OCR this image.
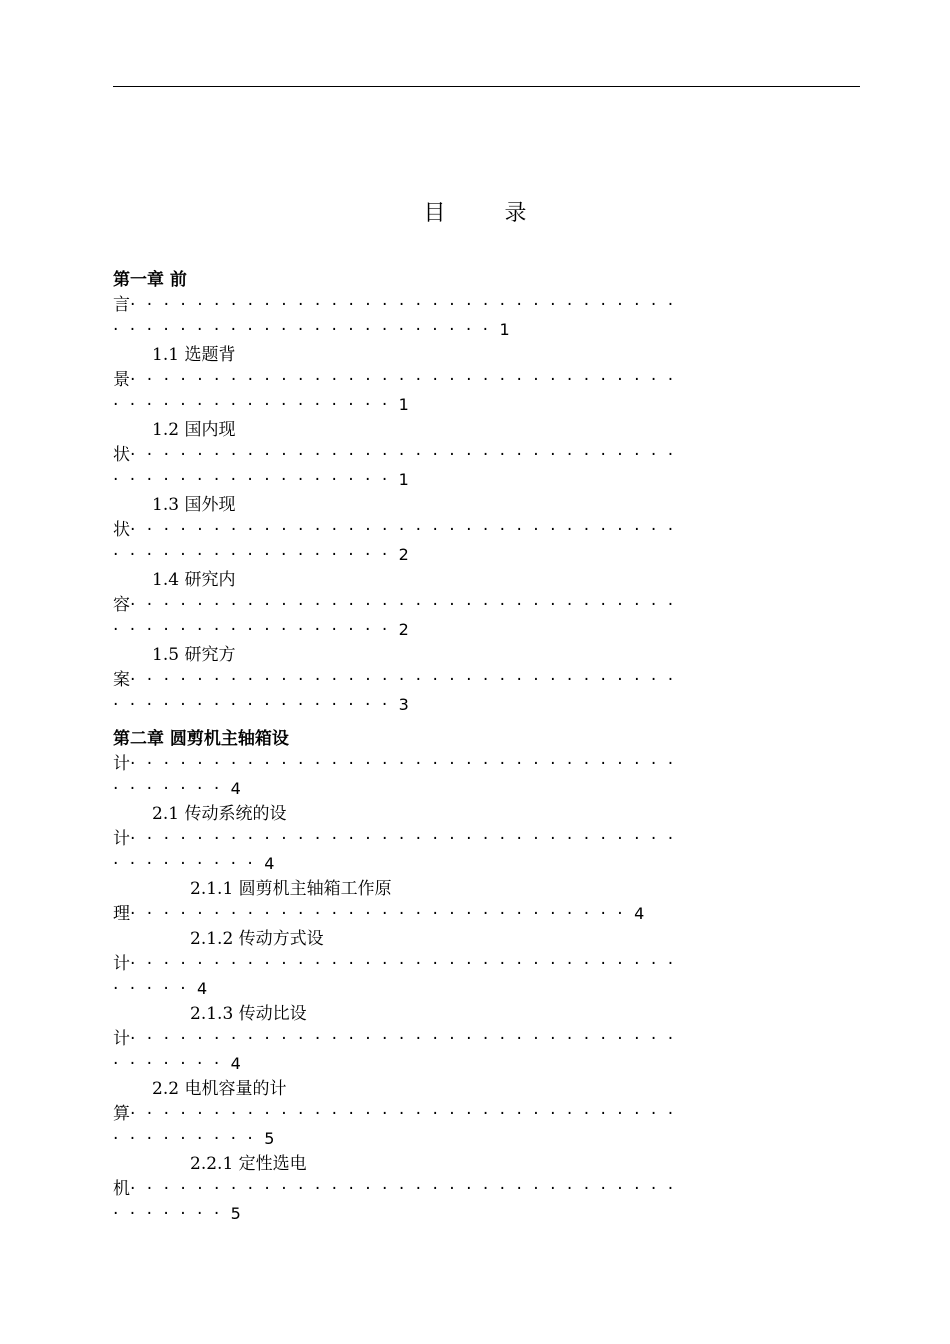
目 录
第一章 前
言·································
·······················1
1.1 选题背
景·································
·················1
1.2 国内现
状·································
·················1
1.3 国外现
状·································
·················2
1.4 研究内
容·································
·················2
1.5 研究方
案·································
·················3
第二章 圆剪机主轴箱设
计·································
·······4
2.1 传动系统的设
计·································
·········4
2.1.1 圆剪机主轴箱工作原
理······························4
2.1.2 传动方式设
计·································
·····4
2.1.3 传动比设
计·································
·······4
2.2 电机容量的计
算·································
·········5
2.2.1 定性选电
机·································
·······5
